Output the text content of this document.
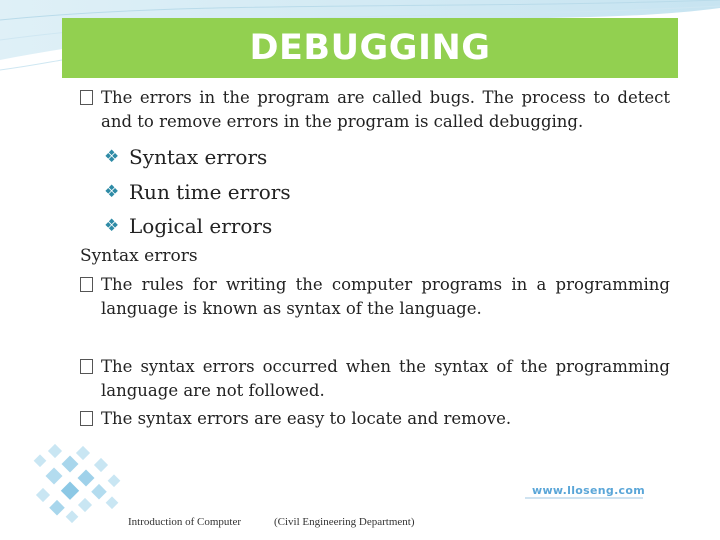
DEBUGGING
The errors in the program are called bugs. The process to detect and to remove errors in the program is called debugging.
❖ Syntax errors
❖ Run time errors
❖ Logical errors
Syntax errors
The rules for writing the computer programs in a programming language is known as syntax of the language.
The syntax errors occurred when the syntax of the programming language are not followed.
The syntax errors are easy to locate and remove.
www.lloseng.com
Introduction of Computer	(Civil Engineering Department)
